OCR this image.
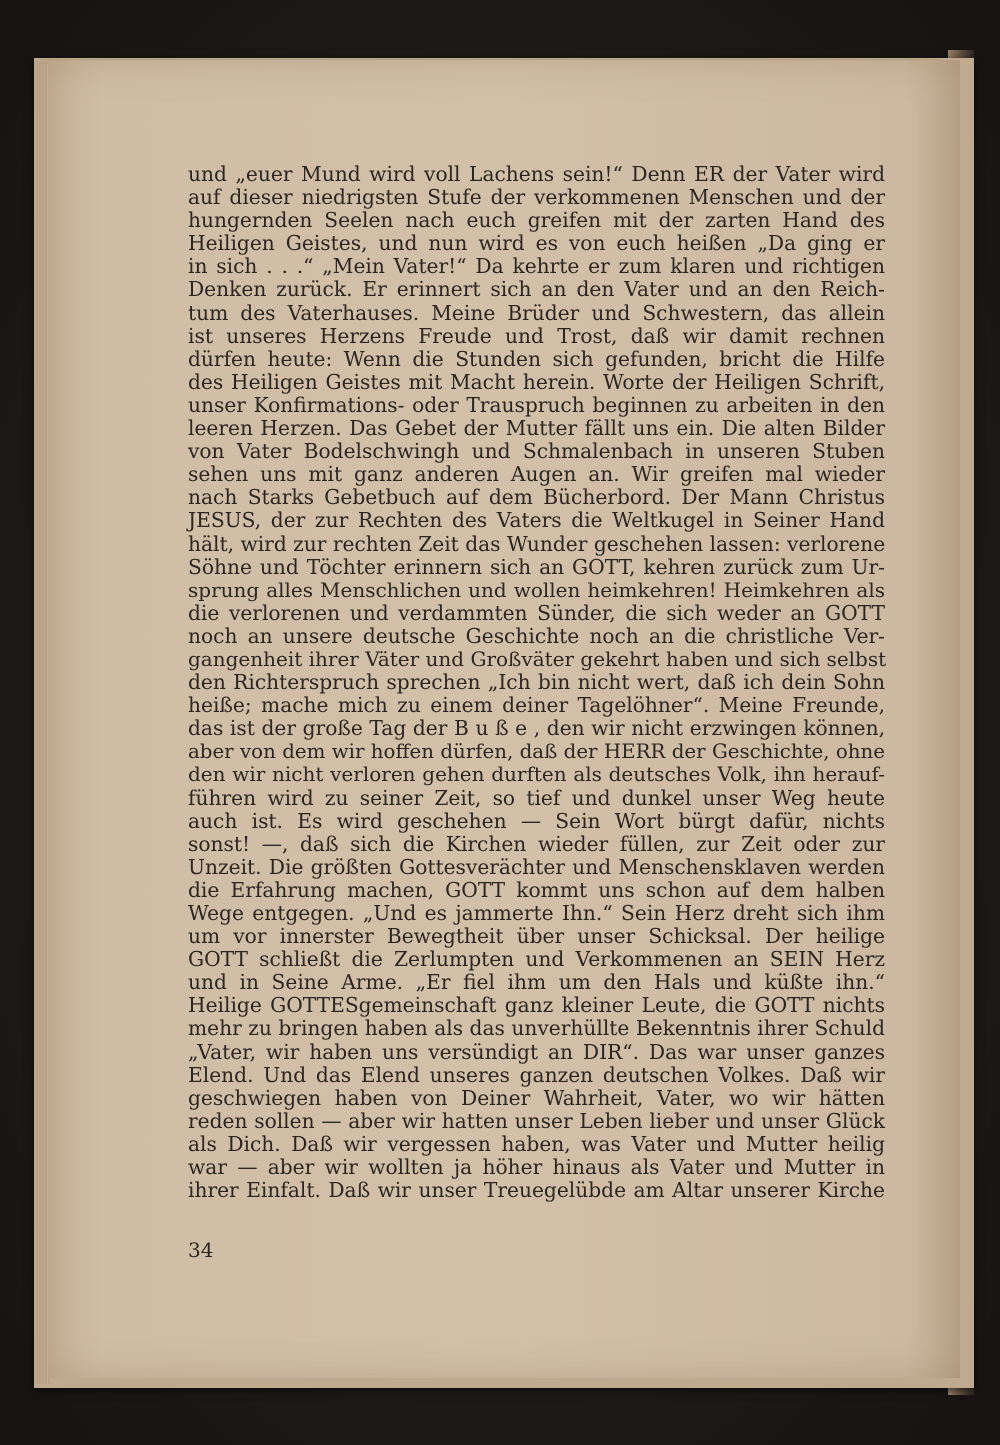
und „euer Mund wird voll Lachens sein!“ Denn ER der Vater wird
auf dieser niedrigsten Stufe der verkommenen Menschen und der
hungernden Seelen nach euch greifen mit der zarten Hand des
Heiligen Geistes, und nun wird es von euch heißen „Da ging er
in sich . . .“ „Mein Vater!“ Da kehrte er zum klaren und richtigen
Denken zurück. Er erinnert sich an den Vater und an den Reich-
tum des Vaterhauses. Meine Brüder und Schwestern, das allein
ist unseres Herzens Freude und Trost, daß wir damit rechnen
dürfen heute: Wenn die Stunden sich gefunden, bricht die Hilfe
des Heiligen Geistes mit Macht herein. Worte der Heiligen Schrift,
unser Konfirmations- oder Trauspruch beginnen zu arbeiten in den
leeren Herzen. Das Gebet der Mutter fällt uns ein. Die alten Bilder
von Vater Bodelschwingh und Schmalenbach in unseren Stuben
sehen uns mit ganz anderen Augen an. Wir greifen mal wieder
nach Starks Gebetbuch auf dem Bücherbord. Der Mann Christus
JESUS, der zur Rechten des Vaters die Weltkugel in Seiner Hand
hält, wird zur rechten Zeit das Wunder geschehen lassen: verlorene
Söhne und Töchter erinnern sich an GOTT, kehren zurück zum Ur-
sprung alles Menschlichen und wollen heimkehren! Heimkehren als
die verlorenen und verdammten Sünder, die sich weder an GOTT
noch an unsere deutsche Geschichte noch an die christliche Ver-
gangenheit ihrer Väter und Großväter gekehrt haben und sich selbst
den Richterspruch sprechen „Ich bin nicht wert, daß ich dein Sohn
heiße; mache mich zu einem deiner Tagelöhner“. Meine Freunde,
das ist der große Tag der B u ß e , den wir nicht erzwingen können,
aber von dem wir hoffen dürfen, daß der HERR der Geschichte, ohne
den wir nicht verloren gehen durften als deutsches Volk, ihn herauf-
führen wird zu seiner Zeit, so tief und dunkel unser Weg heute
auch ist. Es wird geschehen — Sein Wort bürgt dafür, nichts
sonst! —, daß sich die Kirchen wieder füllen, zur Zeit oder zur
Unzeit. Die größten Gottesverächter und Menschensklaven werden
die Erfahrung machen, GOTT kommt uns schon auf dem halben
Wege entgegen. „Und es jammerte Ihn.“ Sein Herz dreht sich ihm
um vor innerster Bewegtheit über unser Schicksal. Der heilige
GOTT schließt die Zerlumpten und Verkommenen an SEIN Herz
und in Seine Arme. „Er fiel ihm um den Hals und küßte ihn.“
Heilige GOTTESgemeinschaft ganz kleiner Leute, die GOTT nichts
mehr zu bringen haben als das unverhüllte Bekenntnis ihrer Schuld
„Vater, wir haben uns versündigt an DIR“. Das war unser ganzes
Elend. Und das Elend unseres ganzen deutschen Volkes. Daß wir
geschwiegen haben von Deiner Wahrheit, Vater, wo wir hätten
reden sollen — aber wir hatten unser Leben lieber und unser Glück
als Dich. Daß wir vergessen haben, was Vater und Mutter heilig
war — aber wir wollten ja höher hinaus als Vater und Mutter in
ihrer Einfalt. Daß wir unser Treuegelübde am Altar unserer Kirche
34
